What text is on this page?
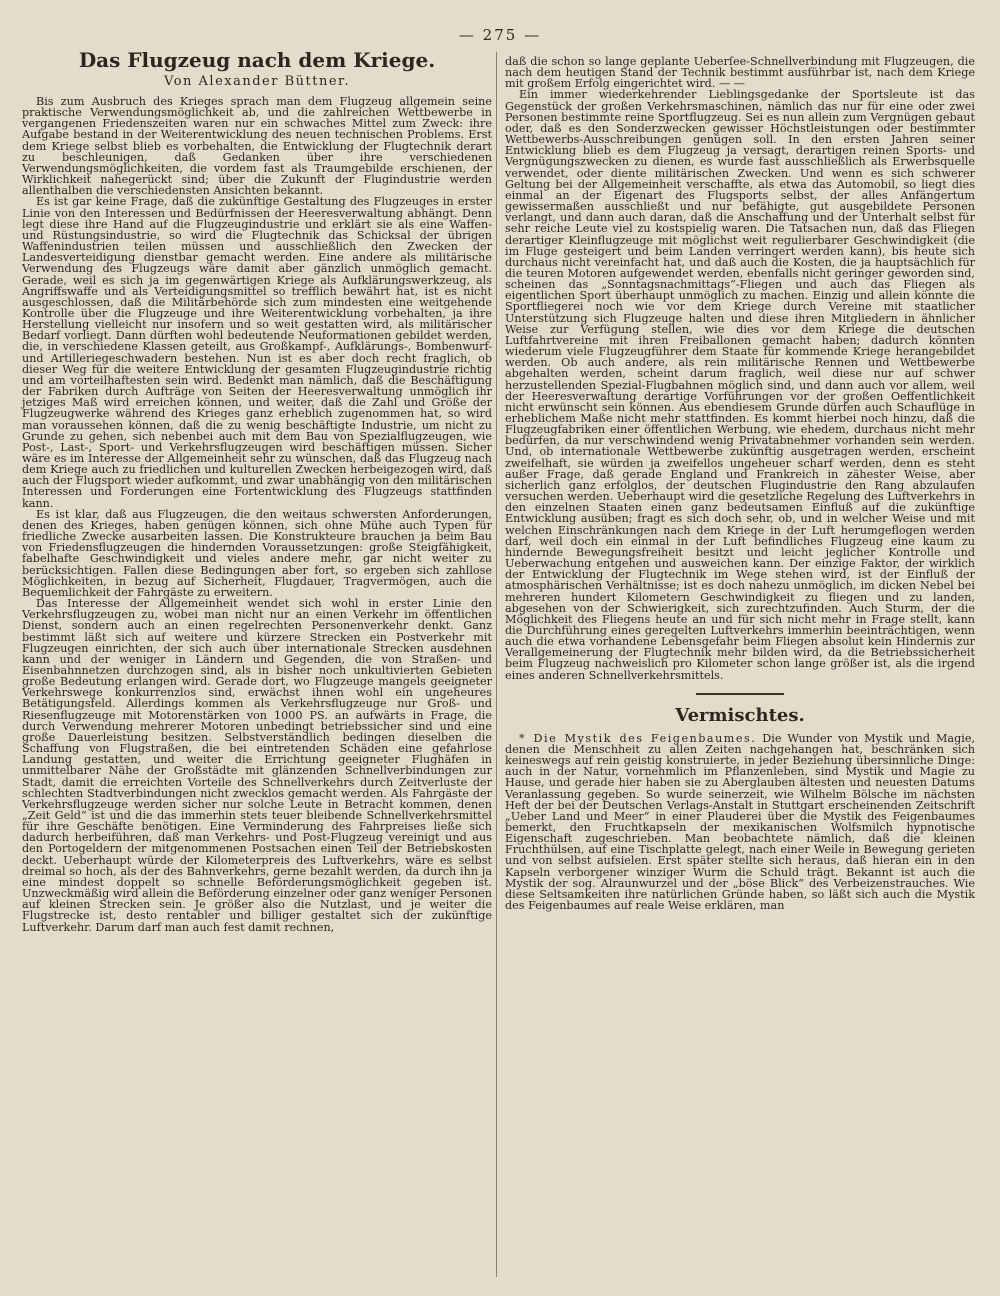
— 275 —
Das Flugzeug nach dem Kriege.
Von Alexander Büttner.

Bis zum Ausbruch des Krieges sprach man dem Flugzeug allgemein seine praktische Verwendungsmöglichkeit ab, und die zahlreichen Wettbewerbe in vergangenen Friedenszeiten waren nur ein schwaches Mittel zum Zweck: ihre Aufgabe bestand in der Weiterentwicklung des neuen technischen Problems. Erst dem Kriege selbst blieb es vorbehalten, die Entwicklung der Flugtechnik derart zu beschleunigen, daß Gedanken über ihre verschiedenen Verwendungsmöglichkeiten, die vordem fast als Traumgebilde erschienen, der Wirklichkeit nahegerückt sind; über die Zukunft der Flugindustrie werden allenthalben die verschiedensten Ansichten bekannt.

Es ist gar keine Frage, daß die zukünftige Gestaltung des Flugzeuges in erster Linie von den Interessen und Bedürfnissen der Heeresverwaltung abhängt. Denn legt diese ihre Hand auf die Flugzeugindustrie und erklärt sie als eine Waffen- und Rüstungsindustrie, so wird die Flugtechnik das Schicksal der übrigen Waffenindustrien teilen müssen und ausschließlich den Zwecken der Landesverteidigung dienstbar gemacht werden. Eine andere als militärische Verwendung des Flugzeugs wäre damit aber gänzlich unmöglich gemacht. Gerade, weil es sich ja im gegenwärtigen Kriege als Aufklärungswerkzeug, als Angriffswaffe und als Verteidigungsmittel so trefflich bewährt hat, ist es nicht ausgeschlossen, daß die Militärbehörde sich zum mindesten eine weitgehende Kontrolle über die Flugzeuge und ihre Weiterentwicklung vorbehalten, ja ihre Herstellung vielleicht nur insofern und so weit gestatten wird, als militärischer Bedarf vorliegt. Dann dürften wohl bedeutende Neuformationen gebildet werden, die, in verschiedene Klassen geteilt, aus Großkampf-, Aufklärungs-, Bombenwurf- und Artilleriegeschwadern bestehen. Nun ist es aber doch recht fraglich, ob dieser Weg für die weitere Entwicklung der gesamten Flugzeugindustrie richtig und am vorteilhaftesten sein wird. Bedenkt man nämlich, daß die Beschäftigung der Fabriken durch Aufträge von Seiten der Heeresverwaltung unmöglich ihr jetziges Maß wird erreichen können, und weiter, daß die Zahl und Größe der Flugzeugwerke während des Krieges ganz erheblich zugenommen hat, so wird man voraussehen können, daß die zu wenig beschäftigte Industrie, um nicht zu Grunde zu gehen, sich nebenbei auch mit dem Bau von Spezialflugzeugen, wie Post-, Last-, Sport- und Verkehrsflugzeugen wird beschäftigen müssen. Sicher wäre es im Interesse der Allgemeinheit sehr zu wünschen, daß das Flugzeug nach dem Kriege auch zu friedlichen und kulturellen Zwecken herbeigezogen wird, daß auch der Flugsport wieder aufkommt, und zwar unabhängig von den militärischen Interessen und Forderungen eine Fortentwicklung des Flugzeugs stattfinden kann.

Es ist klar, daß aus Flugzeugen, die den weitaus schwersten Anforderungen, denen des Krieges, haben genügen können, sich ohne Mühe auch Typen für friedliche Zwecke ausarbeiten lassen. Die Konstrukteure brauchen ja beim Bau von Friedensflugzeugen die hindernden Voraussetzungen: große Steigfähigkeit, fabelhafte Geschwindigkeit und vieles andere mehr, gar nicht weiter zu berücksichtigen. Fallen diese Bedingungen aber fort, so ergeben sich zahllose Möglichkeiten, in bezug auf Sicherheit, Flugdauer, Tragvermögen, auch die Bequemlichkeit der Fahrgäste zu erweitern.

Das Interesse der Allgemeinheit wendet sich wohl in erster Linie den Verkehrsflugzeugen zu, wobei man nicht nur an einen Verkehr im öffentlichen Dienst, sondern auch an einen regelrechten Personenverkehr denkt. Ganz bestimmt läßt sich auf weitere und kürzere Strecken ein Postverkehr mit Flugzeugen einrichten, der sich auch über internationale Strecken ausdehnen kann und der weniger in Ländern und Gegenden, die von Straßen- und Eisenbahnnetzen durchzogen sind, als in bisher noch unkultivierten Gebieten große Bedeutung erlangen wird. Gerade dort, wo Flugzeuge mangels geeigneter Verkehrswege konkurrenzlos sind, erwächst ihnen wohl ein ungeheures Betätigungsfeld. Allerdings kommen als Verkehrsflugzeuge nur Groß- und Riesenflugzeuge mit Motorenstärken von 1000 PS. an aufwärts in Frage, die durch Verwendung mehrerer Motoren unbedingt betriebssicher sind und eine große Dauerleistung besitzen. Selbstverständlich bedingen dieselben die Schaffung von Flugstraßen, die bei eintretenden Schäden eine gefahrlose Landung gestatten, und weiter die Errichtung geeigneter Flughäfen in unmittelbarer Nähe der Großstädte mit glänzenden Schnellverbindungen zur Stadt, damit die erreichten Vorteile des Schnellverkehrs durch Zeitverluste der schlechten Stadtverbindungen nicht zwecklos gemacht werden. Als Fahrgäste der Verkehrsflugzeuge werden sicher nur solche Leute in Betracht kommen, denen „Zeit Geld“ ist und die das immerhin stets teuer bleibende Schnellverkehrsmittel für ihre Geschäfte benötigen. Eine Verminderung des Fahrpreises ließe sich dadurch herbeiführen, daß man Verkehrs- und Post-Flugzeug vereinigt und aus den Portogeldern der mitgenommenen Postsachen einen Teil der Betriebskosten deckt. Ueberhaupt würde der Kilometerpreis des Luftverkehrs, wäre es selbst dreimal so hoch, als der des Bahnverkehrs, gerne bezahlt werden, da durch ihn ja eine mindest doppelt so schnelle Beförderungsmöglichkeit gegeben ist. Unzweckmäßig wird allein die Beförderung einzelner oder ganz weniger Personen auf kleinen Strecken sein. Je größer also die Nutzlast, und je weiter die Flugstrecke ist, desto rentabler und billiger gestaltet sich der zukünftige Luftverkehr. Darum darf man auch fest damit rechnen,

daß die schon so lange geplante Ueberſee-Schnellverbindung mit Flugzeugen, die nach dem heutigen Stand der Technik bestimmt ausführbar ist, nach dem Kriege mit großem Erfolg eingerichtet wird. — —

Ein immer wiederkehrender Lieblingsgedanke der Sportsleute ist das Gegenstück der großen Verkehrsmaschinen, nämlich das nur für eine oder zwei Personen bestimmte reine Sportflugzeug. Sei es nun allein zum Vergnügen gebaut oder, daß es den Sonderzwecken gewisser Höchstleistungen oder bestimmter Wettbewerbs-Ausschreibungen genügen soll. In den ersten Jahren seiner Entwicklung blieb es dem Flugzeug ja versagt, derartigen reinen Sports- und Vergnügungszwecken zu dienen, es wurde fast ausschließlich als Erwerbsquelle verwendet, oder diente militärischen Zwecken. Und wenn es sich schwerer Geltung bei der Allgemeinheit verschaffte, als etwa das Automobil, so liegt dies einmal an der Eigenart des Flugsports selbst, der alles Anfängertum gewissermaßen ausschließt und nur befähigte, gut ausgebildete Personen verlangt, und dann auch daran, daß die Anschaffung und der Unterhalt selbst für sehr reiche Leute viel zu kostspielig waren. Die Tatsachen nun, daß das Fliegen derartiger Kleinflugzeuge mit möglichst weit regulierbarer Geschwindigkeit (die im Fluge gesteigert und beim Landen verringert werden kann), bis heute sich durchaus nicht vereinfacht hat, und daß auch die Kosten, die ja hauptsächlich für die teuren Motoren aufgewendet werden, ebenfalls nicht geringer geworden sind, scheinen das „Sonntagsnachmittags“-Fliegen und auch das Fliegen als eigentlichen Sport überhaupt unmöglich zu machen. Einzig und allein könnte die Sportfliegerei noch wie vor dem Kriege durch Vereine mit staatlicher Unterstützung sich Flugzeuge halten und diese ihren Mitgliedern in ähnlicher Weise zur Verfügung stellen, wie dies vor dem Kriege die deutschen Luftfahrtvereine mit ihren Freiballonen gemacht haben; dadurch könnten wiederum viele Flugzeugführer dem Staate für kommende Kriege herangebildet werden. Ob auch andere, als rein militärische Rennen und Wettbewerbe abgehalten werden, scheint darum fraglich, weil diese nur auf schwer herzustellenden Spezial-Flugbahnen möglich sind, und dann auch vor allem, weil der Heeresverwaltung derartige Vorführungen vor der großen Oeffentlichkeit nicht erwünscht sein können. Aus ebendiesem Grunde dürfen auch Schauflüge in erheblichem Maße nicht mehr stattfinden. Es kommt hierbei noch hinzu, daß die Flugzeugfabriken einer öffentlichen Werbung, wie ehedem, durchaus nicht mehr bedürfen, da nur verschwindend wenig Privatabnehmer vorhanden sein werden. Und, ob internationale Wettbewerbe zukünftig ausgetragen werden, erscheint zweifelhaft, sie würden ja zweifellos ungeheuer scharf werden, denn es steht außer Frage, daß gerade England und Frankreich in zähester Weise, aber sicherlich ganz erfolglos, der deutschen Flugindustrie den Rang abzulaufen versuchen werden. Ueberhaupt wird die gesetzliche Regelung des Luftverkehrs in den einzelnen Staaten einen ganz bedeutsamen Einfluß auf die zukünftige Entwicklung ausüben; fragt es sich doch sehr, ob, und in welcher Weise und mit welchen Einschränkungen nach dem Kriege in der Luft herumgeflogen werden darf, weil doch ein einmal in der Luft befindliches Flugzeug eine kaum zu hindernde Bewegungsfreiheit besitzt und leicht jeglicher Kontrolle und Ueberwachung entgehen und ausweichen kann. Der einzige Faktor, der wirklich der Entwicklung der Flugtechnik im Wege stehen wird, ist der Einfluß der atmosphärischen Verhältnisse; ist es doch nahezu unmöglich, im dicken Nebel bei mehreren hundert Kilometern Geschwindigkeit zu fliegen und zu landen, abgesehen von der Schwierigkeit, sich zurechtzufinden. Auch Sturm, der die Möglichkeit des Fliegens heute an und für sich nicht mehr in Frage stellt, kann die Durchführung eines geregelten Luftverkehrs immerhin beeinträchtigen, wenn auch die etwa vorhandene Lebensgefahr beim Fliegen absolut kein Hindernis zur Verallgemeinerung der Flugtechnik mehr bilden wird, da die Betriebssicherheit beim Flugzeug nachweislich pro Kilometer schon lange größer ist, als die irgend eines anderen Schnellverkehrsmittels.

Vermischtes.

* Die Mystik des Feigenbaumes. Die Wunder von Mystik und Magie, denen die Menschheit zu allen Zeiten nachgehangen hat, beschränken sich keineswegs auf rein geistig konstruierte, in jeder Beziehung übersinnliche Dinge: auch in der Natur, vornehmlich im Pflanzenleben, sind Mystik und Magie zu Hause, und gerade hier haben sie zu Aberglauben ältesten und neuesten Datums Veranlassung gegeben. So wurde seinerzeit, wie Wilhelm Bölsche im nächsten Heft der bei der Deutschen Verlags-Anstalt in Stuttgart erscheinenden Zeitschrift „Ueber Land und Meer“ in einer Plauderei über die Mystik des Feigenbaumes bemerkt, den Fruchtkapseln der mexikanischen Wolfsmilch hypnotische Eigenschaft zugeschrieben. Man beobachtete nämlich, daß die kleinen Fruchthülsen, auf eine Tischplatte gelegt, nach einer Weile in Bewegung gerieten und von selbst aufsielen. Erst später stellte sich heraus, daß hieran ein in den Kapseln verborgener winziger Wurm die Schuld trägt. Bekannt ist auch die Mystik der sog. Alraunwurzel und der „böse Blick“ des Verbeizenstrauches. Wie diese Seltsamkeiten ihre natürlichen Gründe haben, so läßt sich auch die Mystik des Feigenbaumes auf reale Weise erklären, man
